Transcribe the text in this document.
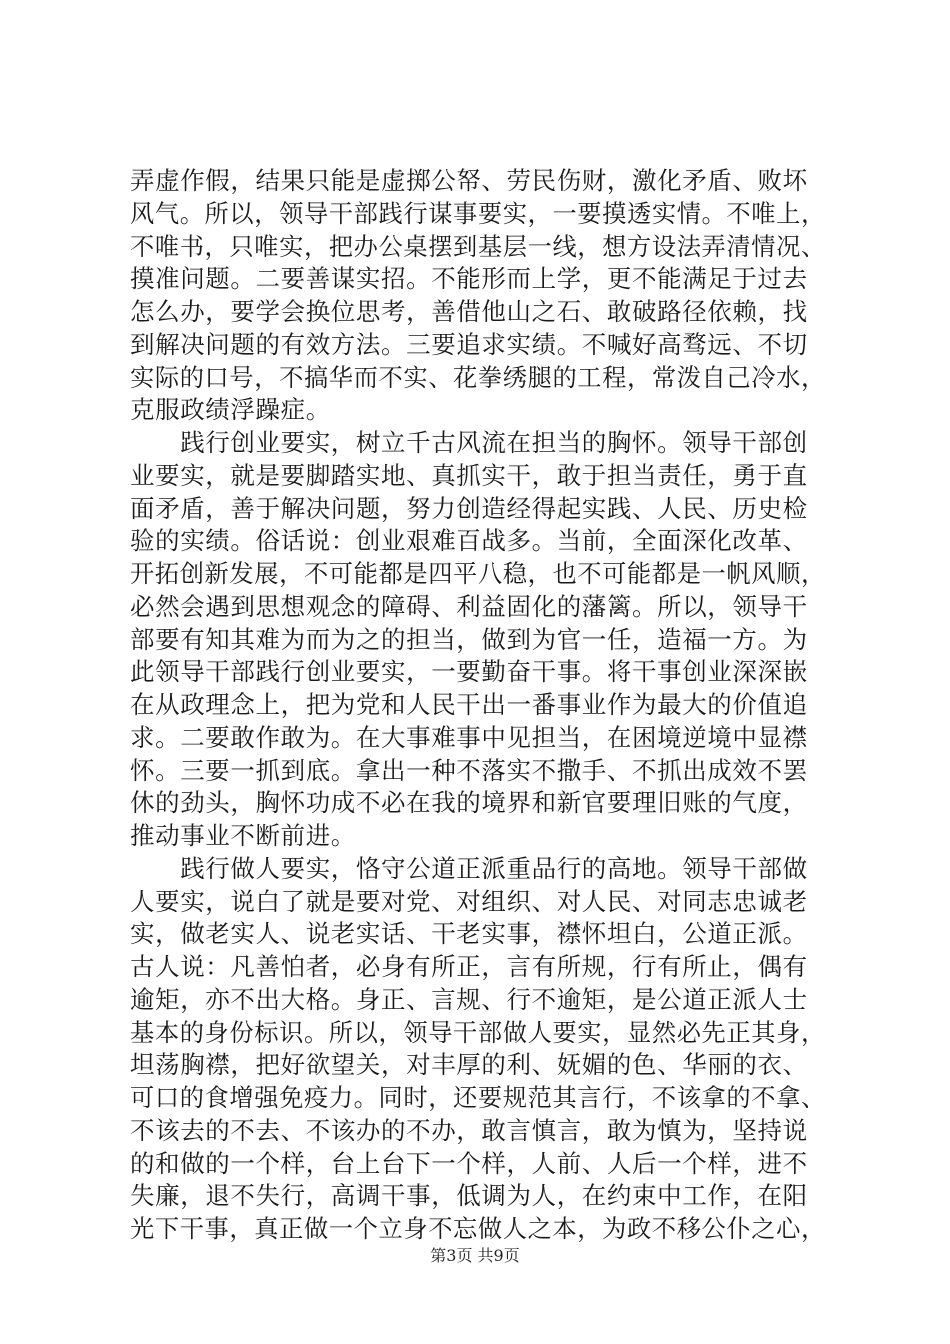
弄虚作假，结果只能是虚掷公帑、劳民伤财，激化矛盾、败坏
风气。所以，领导干部践行谋事要实，一要摸透实情。不唯上，
不唯书，只唯实，把办公桌摆到基层一线，想方设法弄清情况、
摸准问题。二要善谋实招。不能形而上学，更不能满足于过去
怎么办，要学会换位思考，善借他山之石、敢破路径依赖，找
到解决问题的有效方法。三要追求实绩。不喊好高骛远、不切
实际的口号，不搞华而不实、花拳绣腿的工程，常泼自己冷水，
克服政绩浮躁症。
　　践行创业要实，树立千古风流在担当的胸怀。领导干部创
业要实，就是要脚踏实地、真抓实干，敢于担当责任，勇于直
面矛盾，善于解决问题，努力创造经得起实践、人民、历史检
验的实绩。俗话说：创业艰难百战多。当前，全面深化改革、
开拓创新发展，不可能都是四平八稳，也不可能都是一帆风顺，
必然会遇到思想观念的障碍、利益固化的藩篱。所以，领导干
部要有知其难为而为之的担当，做到为官一任，造福一方。为
此领导干部践行创业要实，一要勤奋干事。将干事创业深深嵌
在从政理念上，把为党和人民干出一番事业作为最大的价值追
求。二要敢作敢为。在大事难事中见担当，在困境逆境中显襟
怀。三要一抓到底。拿出一种不落实不撒手、不抓出成效不罢
休的劲头，胸怀功成不必在我的境界和新官要理旧账的气度，
推动事业不断前进。
　　践行做人要实，恪守公道正派重品行的高地。领导干部做
人要实，说白了就是要对党、对组织、对人民、对同志忠诚老
实，做老实人、说老实话、干老实事，襟怀坦白，公道正派。
古人说：凡善怕者，必身有所正，言有所规，行有所止，偶有
逾矩，亦不出大格。身正、言规、行不逾矩，是公道正派人士
基本的身份标识。所以，领导干部做人要实，显然必先正其身，
坦荡胸襟，把好欲望关，对丰厚的利、妩媚的色、华丽的衣、
可口的食增强免疫力。同时，还要规范其言行，不该拿的不拿、
不该去的不去、不该办的不办，敢言慎言，敢为慎为，坚持说
的和做的一个样，台上台下一个样，人前、人后一个样，进不
失廉，退不失行，高调干事，低调为人，在约束中工作，在阳
光下干事，真正做一个立身不忘做人之本，为政不移公仆之心，
第3页 共9页
